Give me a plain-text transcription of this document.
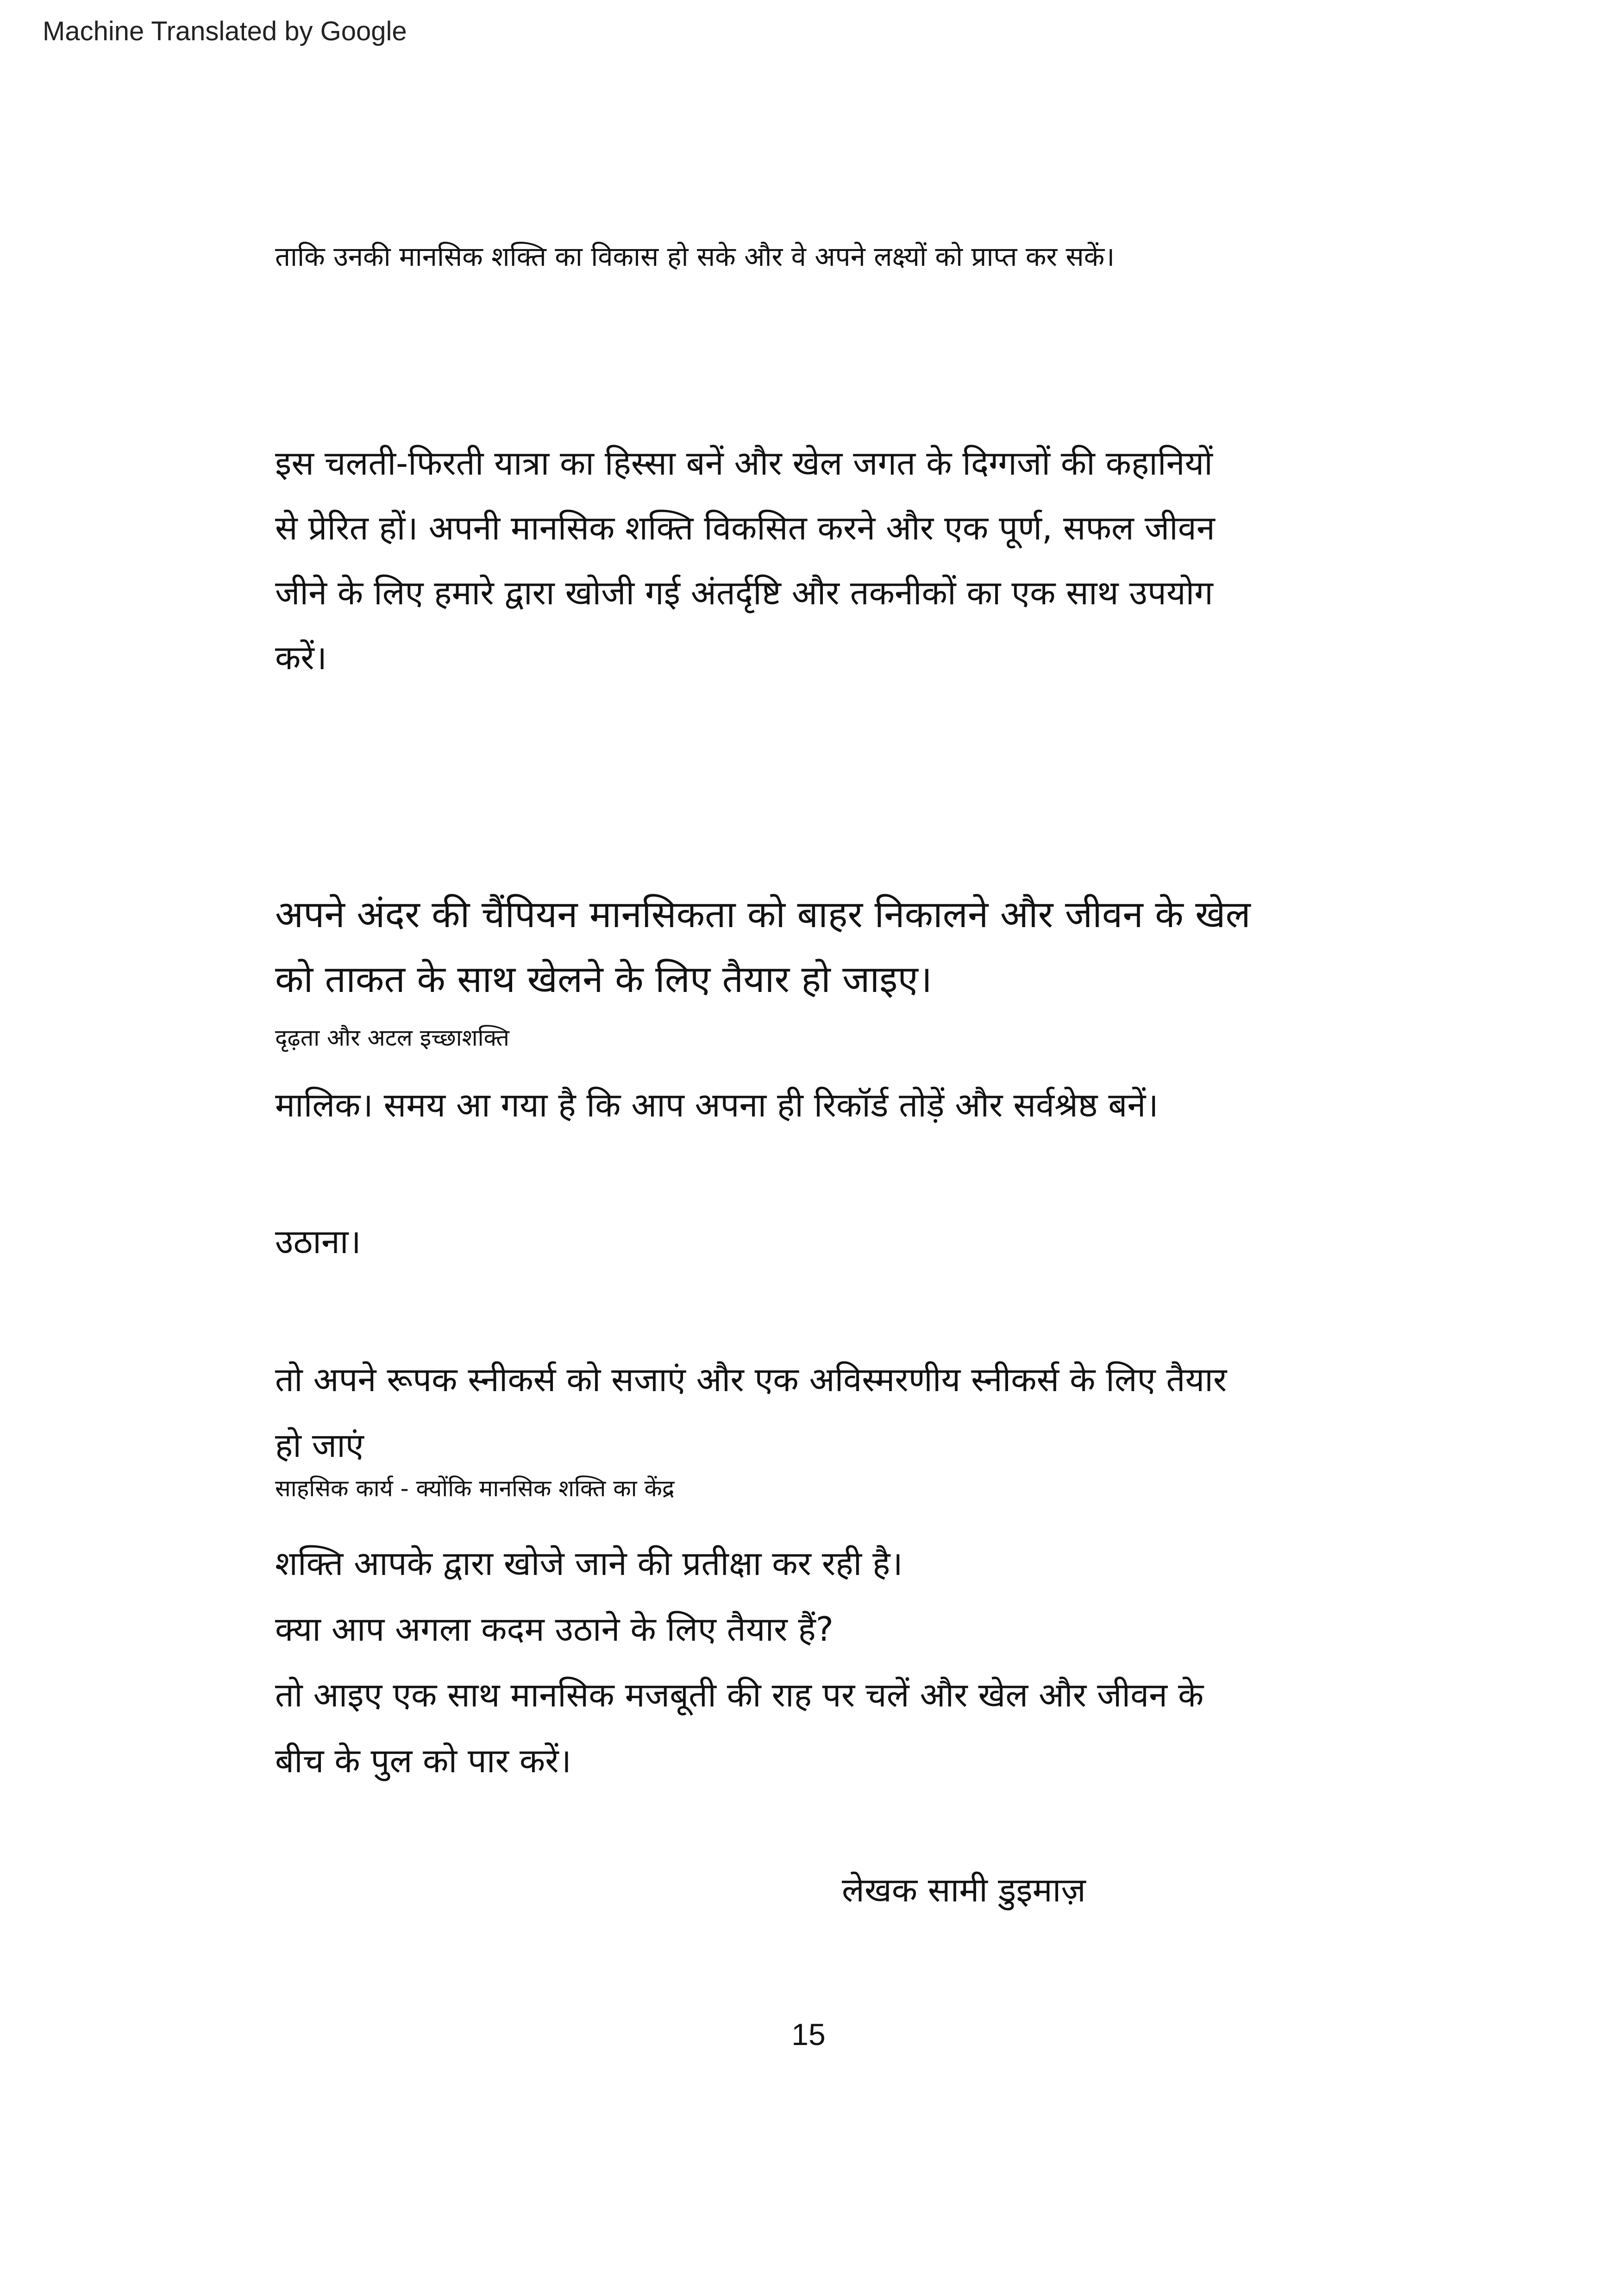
Machine Translated by Google
ताकि उनकी मानसिक शक्ति का विकास हो सके और वे अपने लक्ष्यों को प्राप्त कर सकें।
इस चलती-फिरती यात्रा का हिस्सा बनें और खेल जगत के दिग्गजों की कहानियों
से प्रेरित हों। अपनी मानसिक शक्ति विकसित करने और एक पूर्ण, सफल जीवन
जीने के लिए हमारे द्वारा खोजी गई अंतर्दृष्टि और तकनीकों का एक साथ उपयोग
करें।
अपने अंदर की चैंपियन मानसिकता को बाहर निकालने और जीवन के खेल
को ताकत के साथ खेलने के लिए तैयार हो जाइए।
दृढ़ता और अटल इच्छाशक्ति
मालिक। समय आ गया है कि आप अपना ही रिकॉर्ड तोड़ें और सर्वश्रेष्ठ बनें।
उठाना।
तो अपने रूपक स्नीकर्स को सजाएं और एक अविस्मरणीय स्नीकर्स के लिए तैयार
हो जाएं
साहसिक कार्य - क्योंकि मानसिक शक्ति का केंद्र
शक्ति आपके द्वारा खोजे जाने की प्रतीक्षा कर रही है।
क्या आप अगला कदम उठाने के लिए तैयार हैं?
तो आइए एक साथ मानसिक मजबूती की राह पर चलें और खेल और जीवन के
बीच के पुल को पार करें।
लेखक सामी डुइमाज़
15
